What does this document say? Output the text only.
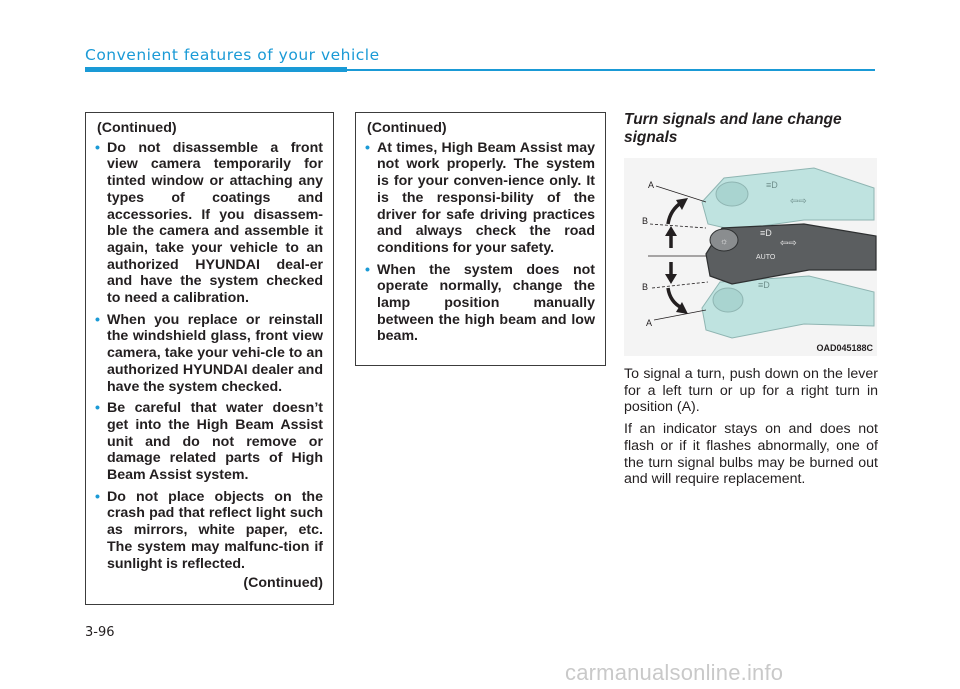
Convenient features of your vehicle
(Continued)
• Do not disassemble a front view camera temporarily for tinted window or attaching any types of coatings and accessories. If you disassem-ble the camera and assemble it again, take your vehicle to an authorized HYUNDAI deal-er and have the system checked to need a calibration.
• When you replace or reinstall the windshield glass, front view camera, take your vehi-cle to an authorized HYUNDAI dealer and have the system checked.
• Be careful that water doesn’t get into the High Beam Assist unit and do not remove or damage related parts of High Beam Assist system.
• Do not place objects on the crash pad that reflect light such as mirrors, white paper, etc. The system may malfunc-tion if sunlight is reflected.
(Continued)
(Continued)
• At times, High Beam Assist may not work properly. The system is for your conven-ience only. It is the responsi-bility of the driver for safe driving practices and always check the road conditions for your safety.
• When the system does not operate normally, change the lamp position manually between the high beam and low beam.
Turn signals and lane change signals
≡D
⇦⇨
≡D
☼
≡D
⇦⇨
AUTO
A
B
B
A
OAD045188C

To signal a turn, push down on the lever for a left turn or up for a right turn in position (A).

If an indicator stays on and does not flash or if it flashes abnormally, one of the turn signal bulbs may be burned out and will require replacement.

3-96
carmanualsonline.info
